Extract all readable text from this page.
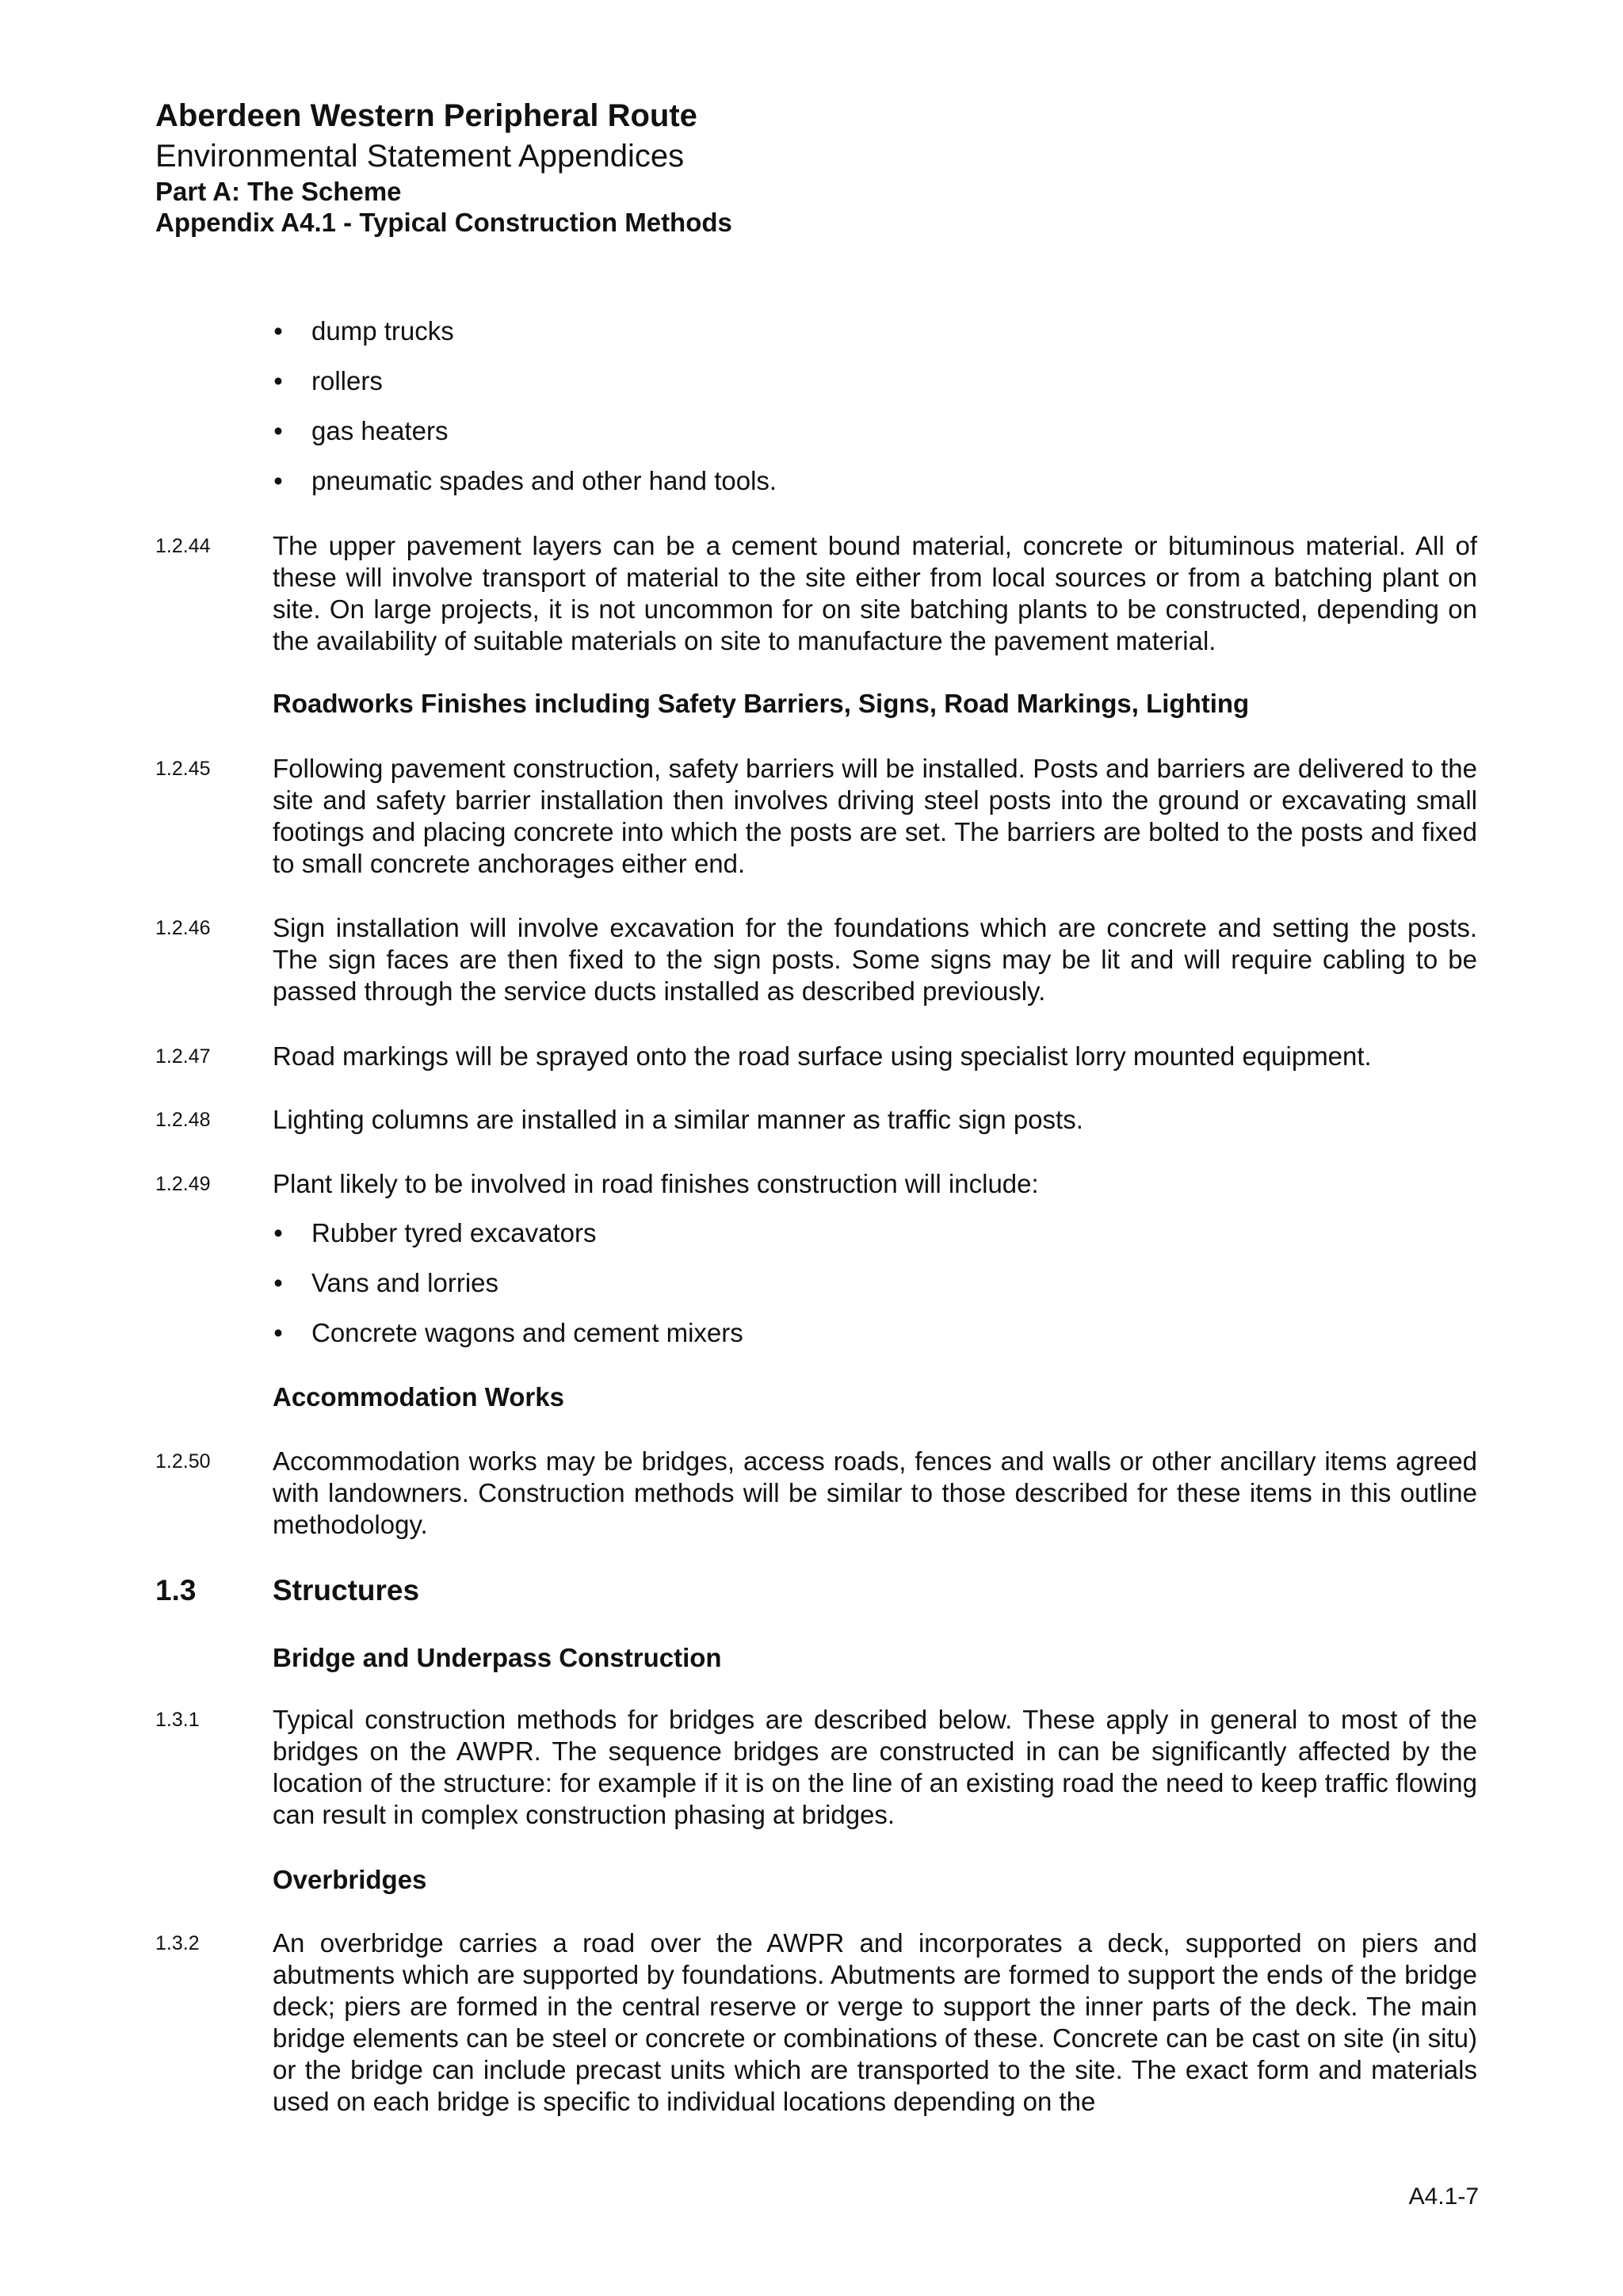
Aberdeen Western Peripheral Route
Environmental Statement Appendices
Part A: The Scheme
Appendix A4.1 - Typical Construction Methods
• dump trucks
• rollers
• gas heaters
• pneumatic spades and other hand tools.
1.2.44 The upper pavement layers can be a cement bound material, concrete or bituminous material. All of these will involve transport of material to the site either from local sources or from a batching plant on site. On large projects, it is not uncommon for on site batching plants to be constructed, depending on the availability of suitable materials on site to manufacture the pavement material.
Roadworks Finishes including Safety Barriers, Signs, Road Markings, Lighting
1.2.45 Following pavement construction, safety barriers will be installed. Posts and barriers are delivered to the site and safety barrier installation then involves driving steel posts into the ground or excavating small footings and placing concrete into which the posts are set. The barriers are bolted to the posts and fixed to small concrete anchorages either end.
1.2.46 Sign installation will involve excavation for the foundations which are concrete and setting the posts. The sign faces are then fixed to the sign posts. Some signs may be lit and will require cabling to be passed through the service ducts installed as described previously.
1.2.47 Road markings will be sprayed onto the road surface using specialist lorry mounted equipment.
1.2.48 Lighting columns are installed in a similar manner as traffic sign posts.
1.2.49 Plant likely to be involved in road finishes construction will include:
• Rubber tyred excavators
• Vans and lorries
• Concrete wagons and cement mixers
Accommodation Works
1.2.50 Accommodation works may be bridges, access roads, fences and walls or other ancillary items agreed with landowners. Construction methods will be similar to those described for these items in this outline methodology.
1.3	Structures
Bridge and Underpass Construction
1.3.1	Typical construction methods for bridges are described below. These apply in general to most of the bridges on the AWPR. The sequence bridges are constructed in can be significantly affected by the location of the structure: for example if it is on the line of an existing road the need to keep traffic flowing can result in complex construction phasing at bridges.
Overbridges
1.3.2	An overbridge carries a road over the AWPR and incorporates a deck, supported on piers and abutments which are supported by foundations. Abutments are formed to support the ends of the bridge deck; piers are formed in the central reserve or verge to support the inner parts of the deck. The main bridge elements can be steel or concrete or combinations of these. Concrete can be cast on site (in situ) or the bridge can include precast units which are transported to the site. The exact form and materials used on each bridge is specific to individual locations depending on the
A4.1-7
